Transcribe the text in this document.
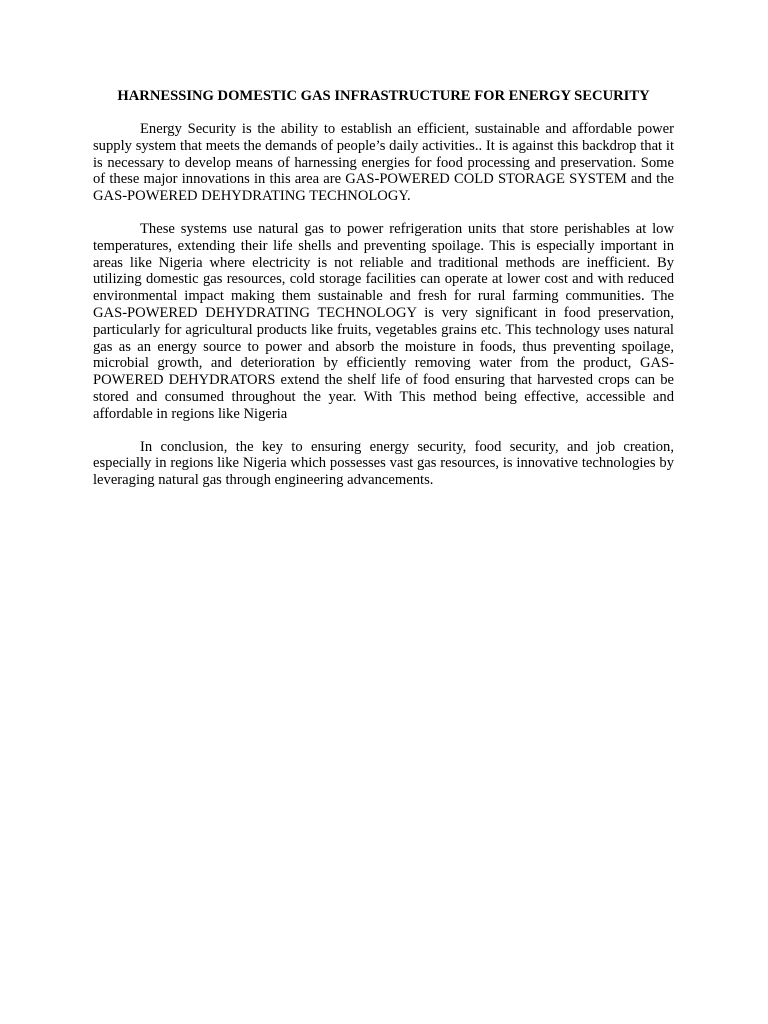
HARNESSING DOMESTIC GAS INFRASTRUCTURE FOR ENERGY SECURITY

Energy Security is the ability to establish an efficient, sustainable and affordable power supply system that meets the demands of people’s daily activities.. It is against this backdrop that it is necessary to develop means of harnessing energies for food processing and preservation. Some of these major innovations in this area are GAS-POWERED COLD STORAGE SYSTEM and the GAS-POWERED DEHYDRATING TECHNOLOGY.

These systems use natural gas to power refrigeration units that store perishables at low temperatures, extending their life shells and preventing spoilage. This is especially important in areas like Nigeria where electricity is not reliable and traditional methods are inefficient. By utilizing domestic gas resources, cold storage facilities can operate at lower cost and with reduced environmental impact making them sustainable and fresh for rural farming communities. The GAS-POWERED DEHYDRATING TECHNOLOGY is very significant in food preservation, particularly for agricultural products like fruits, vegetables grains etc. This technology uses natural gas as an energy source to power and absorb the moisture in foods, thus preventing spoilage, microbial growth, and deterioration by efficiently removing water from the product, GAS-POWERED DEHYDRATORS extend the shelf life of food ensuring that harvested crops can be stored and consumed throughout the year. With This method being effective, accessible and affordable in regions like Nigeria

In conclusion, the key to ensuring energy security, food security, and job creation, especially in regions like Nigeria which possesses vast gas resources, is innovative technologies by leveraging natural gas through engineering advancements.
